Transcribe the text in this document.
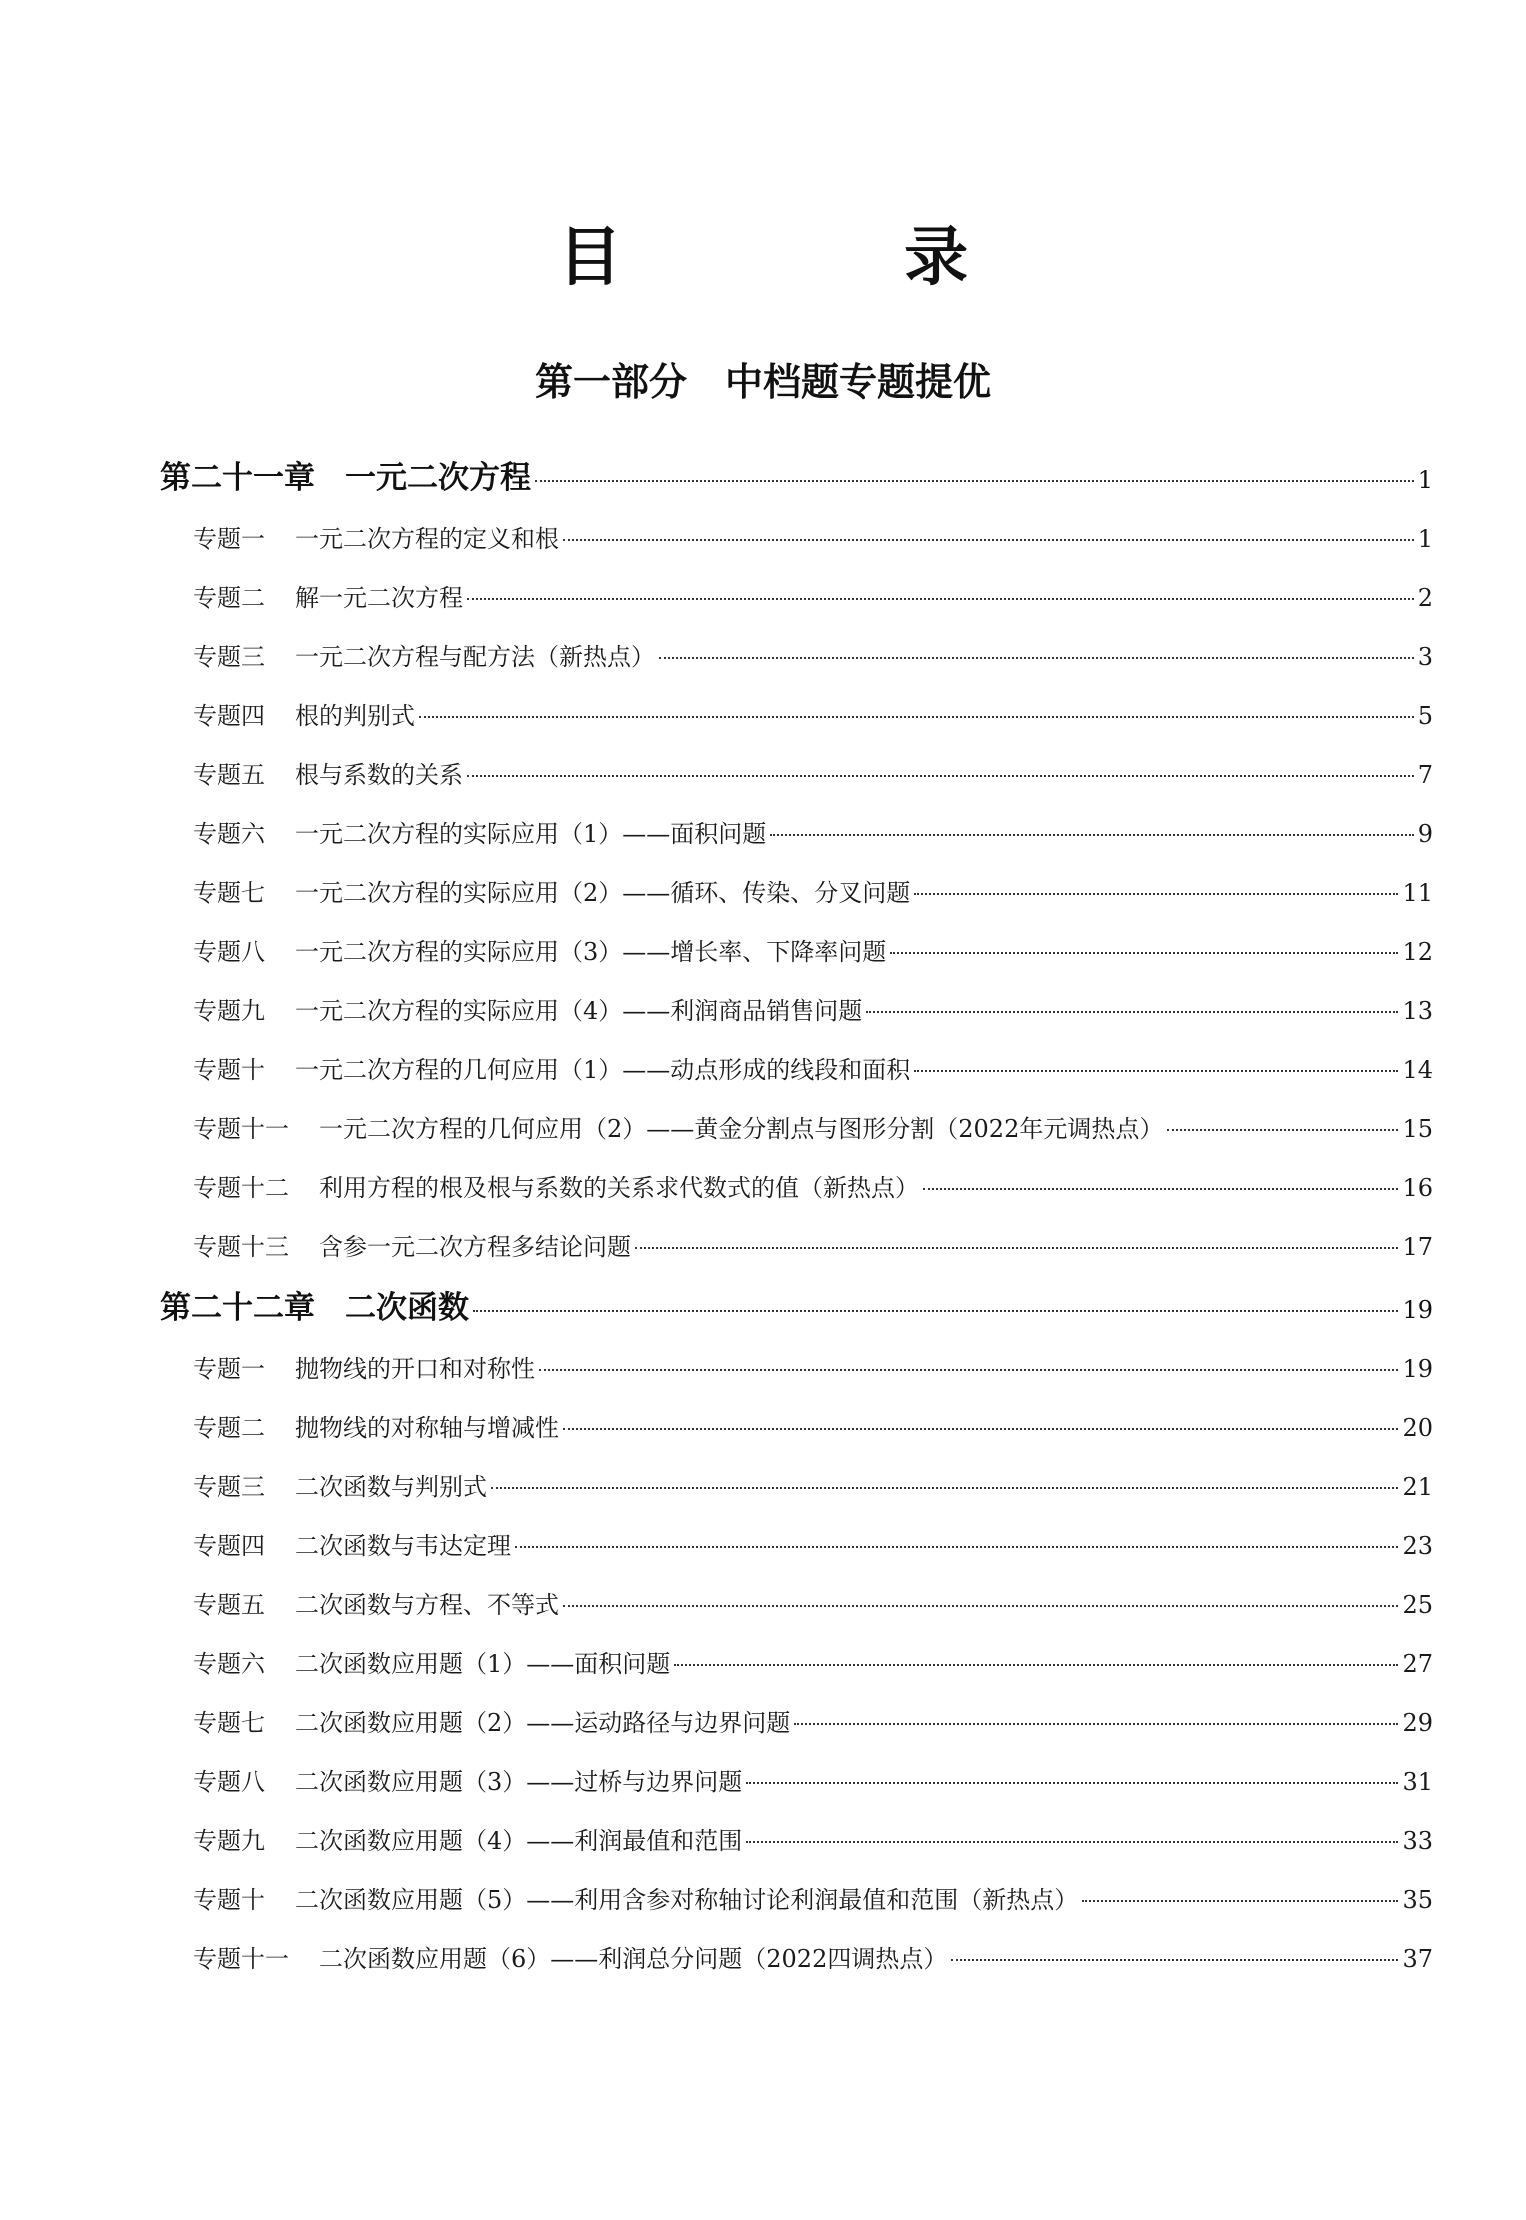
目 录
第一部分　中档题专题提优
第二十一章 一元二次方程	1
专题一 一元二次方程的定义和根	1
专题二 解一元二次方程	2
专题三 一元二次方程与配方法（新热点）	3
专题四 根的判别式	5
专题五 根与系数的关系	7
专题六 一元二次方程的实际应用（1）——面积问题	9
专题七 一元二次方程的实际应用（2）——循环、传染、分叉问题	11
专题八 一元二次方程的实际应用（3）——增长率、下降率问题	12
专题九 一元二次方程的实际应用（4）——利润商品销售问题	13
专题十 一元二次方程的几何应用（1）——动点形成的线段和面积	14
专题十一 一元二次方程的几何应用（2）——黄金分割点与图形分割（2022年元调热点）	15
专题十二 利用方程的根及根与系数的关系求代数式的值（新热点）	16
专题十三 含参一元二次方程多结论问题	17
第二十二章 二次函数	19
专题一 抛物线的开口和对称性	19
专题二 抛物线的对称轴与增减性	20
专题三 二次函数与判别式	21
专题四 二次函数与韦达定理	23
专题五 二次函数与方程、不等式	25
专题六 二次函数应用题（1）——面积问题	27
专题七 二次函数应用题（2）——运动路径与边界问题	29
专题八 二次函数应用题（3）——过桥与边界问题	31
专题九 二次函数应用题（4）——利润最值和范围	33
专题十 二次函数应用题（5）——利用含参对称轴讨论利润最值和范围（新热点）	35
专题十一 二次函数应用题（6）——利润总分问题（2022四调热点）	37
